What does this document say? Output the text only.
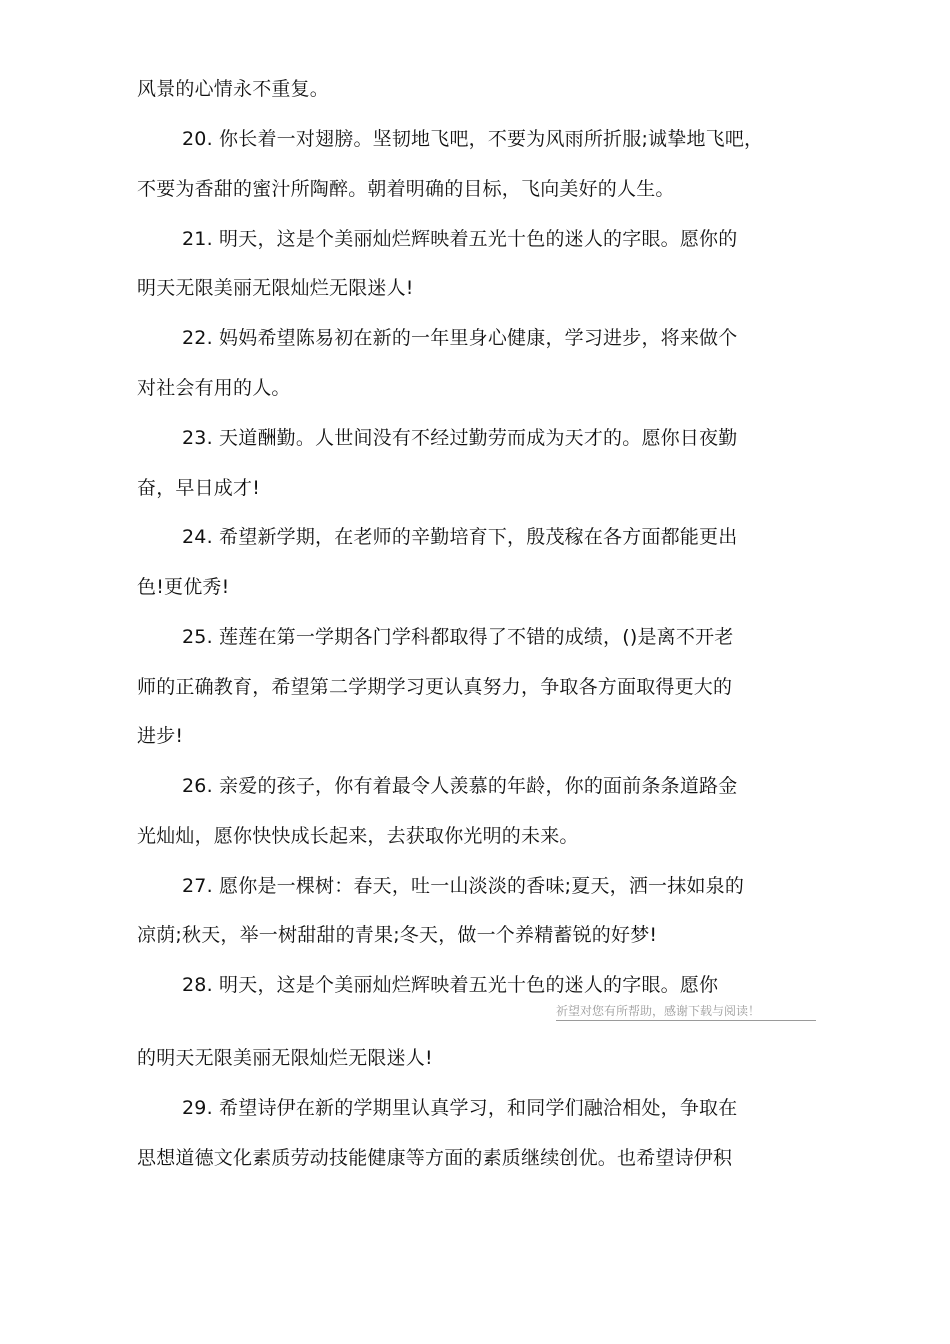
风景的心情永不重复。
20. 你长着一对翅膀。坚韧地飞吧，不要为风雨所折服;诚挚地飞吧，
不要为香甜的蜜汁所陶醉。朝着明确的目标，飞向美好的人生。
21. 明天，这是个美丽灿烂辉映着五光十色的迷人的字眼。愿你的
明天无限美丽无限灿烂无限迷人!
22. 妈妈希望陈易初在新的一年里身心健康，学习进步，将来做个
对社会有用的人。
23. 天道酬勤。人世间没有不经过勤劳而成为天才的。愿你日夜勤
奋，早日成才!
24. 希望新学期，在老师的辛勤培育下，殷茂稼在各方面都能更出
色!更优秀!
25. 莲莲在第一学期各门学科都取得了不错的成绩，()是离不开老
师的正确教育，希望第二学期学习更认真努力，争取各方面取得更大的
进步!
26. 亲爱的孩子，你有着最令人羡慕的年龄，你的面前条条道路金
光灿灿，愿你快快成长起来，去获取你光明的未来。
27. 愿你是一棵树：春天，吐一山淡淡的香味;夏天，洒一抹如泉的
凉荫;秋天，举一树甜甜的青果;冬天，做一个养精蓄锐的好梦!
28. 明天，这是个美丽灿烂辉映着五光十色的迷人的字眼。愿你
祈望对您有所帮助，感谢下载与阅读！
的明天无限美丽无限灿烂无限迷人!
29. 希望诗伊在新的学期里认真学习，和同学们融洽相处，争取在
思想道德文化素质劳动技能健康等方面的素质继续创优。也希望诗伊积
